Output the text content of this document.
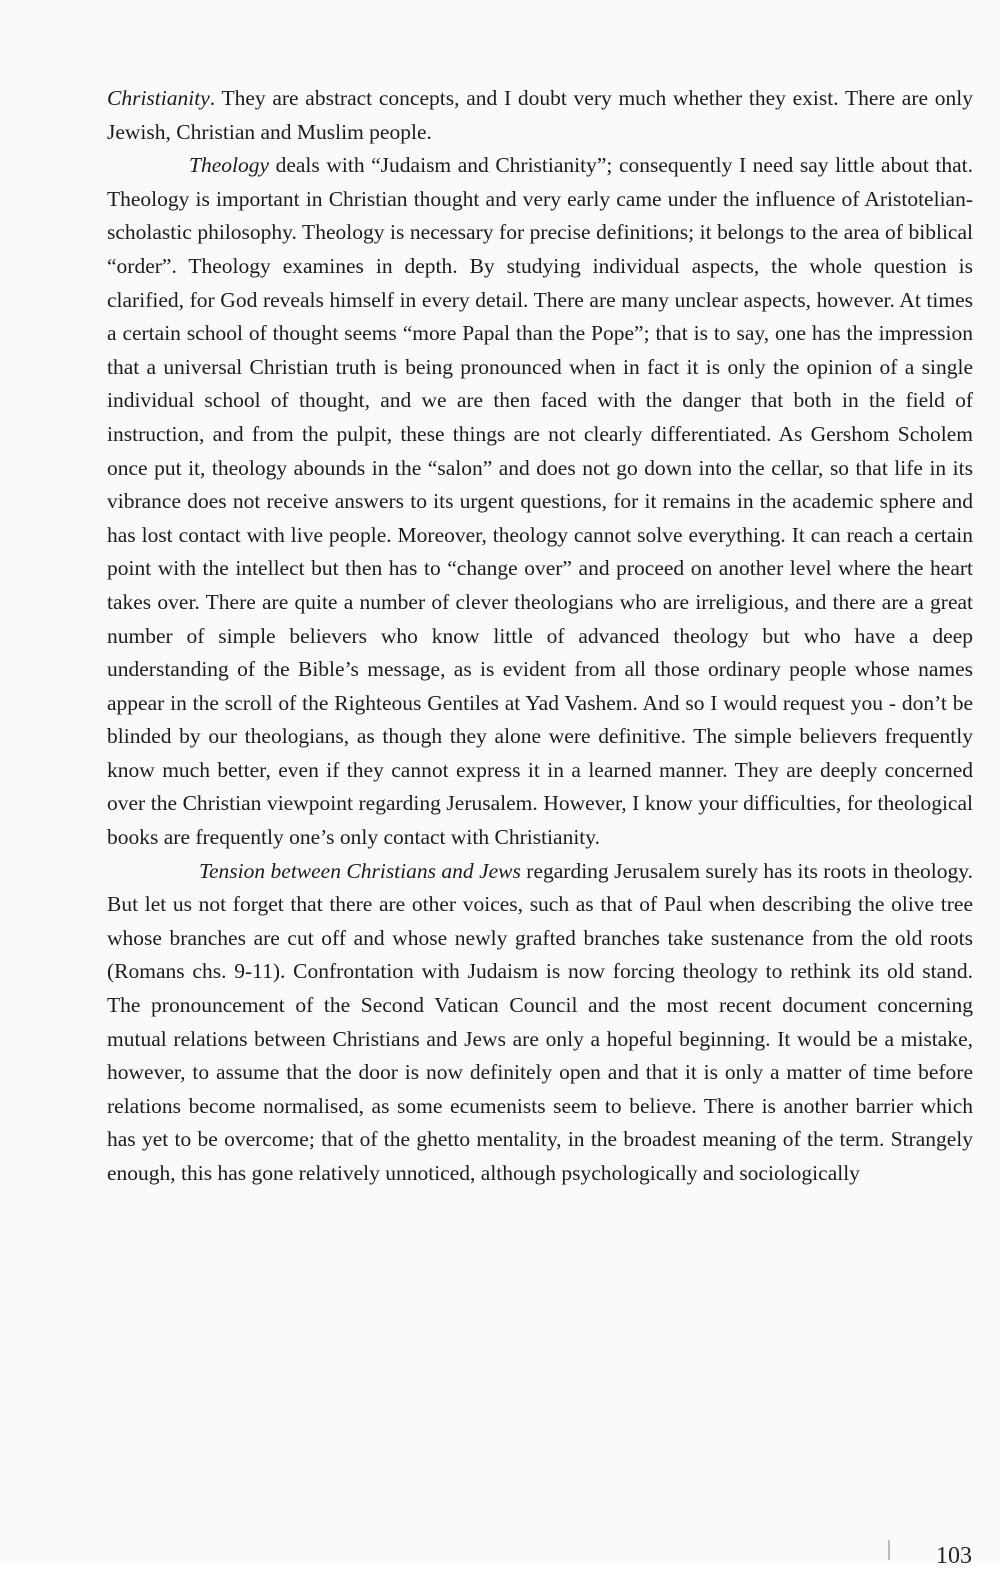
Christianity. They are abstract concepts, and I doubt very much whether they exist. There are only Jewish, Christian and Muslim people.

Theology deals with “Judaism and Christianity”; consequently I need say little about that. Theology is important in Christian thought and very early came under the influence of Aristotelian-scholastic philosophy. Theology is necessary for precise definitions; it belongs to the area of biblical “order”. Theology examines in depth. By studying individual aspects, the whole question is clarified, for God reveals himself in every detail. There are many unclear aspects, however. At times a certain school of thought seems “more Papal than the Pope”; that is to say, one has the impression that a universal Christian truth is being pronounced when in fact it is only the opinion of a single individual school of thought, and we are then faced with the danger that both in the field of instruction, and from the pulpit, these things are not clearly differentiated. As Gershom Scholem once put it, theology abounds in the “salon” and does not go down into the cellar, so that life in its vibrance does not receive answers to its urgent questions, for it remains in the academic sphere and has lost contact with live people. Moreover, theology cannot solve everything. It can reach a certain point with the intellect but then has to “change over” and proceed on another level where the heart takes over. There are quite a number of clever theologians who are irreligious, and there are a great number of simple believers who know little of advanced theology but who have a deep understanding of the Bible’s message, as is evident from all those ordinary people whose names appear in the scroll of the Righteous Gentiles at Yad Vashem. And so I would request you - don’t be blinded by our theologians, as though they alone were definitive. The simple believers frequently know much better, even if they cannot express it in a learned manner. They are deeply concerned over the Christian viewpoint regarding Jerusalem. However, I know your difficulties, for theological books are frequently one’s only contact with Christianity.

Tension between Christians and Jews regarding Jerusalem surely has its roots in theology. But let us not forget that there are other voices, such as that of Paul when describing the olive tree whose branches are cut off and whose newly grafted branches take sustenance from the old roots (Romans chs. 9-11). Confrontation with Judaism is now forcing theology to rethink its old stand. The pronouncement of the Second Vatican Council and the most recent document concerning mutual relations between Christians and Jews are only a hopeful beginning. It would be a mistake, however, to assume that the door is now definitely open and that it is only a matter of time before relations become normalised, as some ecumenists seem to believe. There is another barrier which has yet to be overcome; that of the ghetto mentality, in the broadest meaning of the term. Strangely enough, this has gone relatively unnoticed, although psychologically and sociologically

103
